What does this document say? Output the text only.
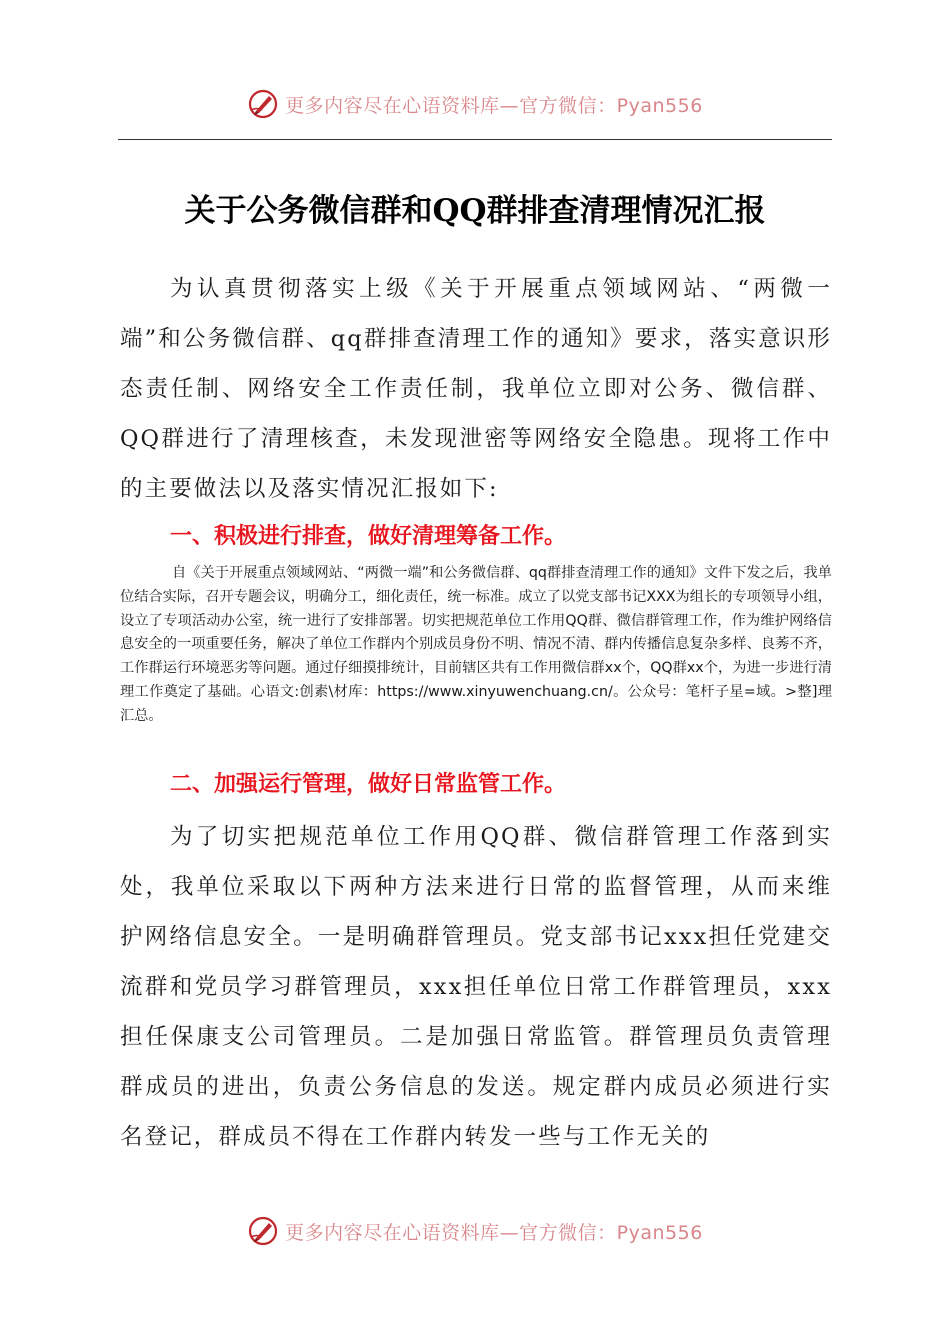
更多内容尽在心语资料库—官方微信：Pyan556
关于公务微信群和QQ群排查清理情况汇报

为认真贯彻落实上级《关于开展重点领域网站、“两微一端”和公务微信群、qq群排查清理工作的通知》要求，落实意识形态责任制、网络安全工作责任制，我单位立即对公务、微信群、QQ群进行了清理核查，未发现泄密等网络安全隐患。现将工作中的主要做法以及落实情况汇报如下:

一、积极进行排查，做好清理筹备工作。

自《关于开展重点领域网站、“两微一端”和公务微信群、qq群排查清理工作的通知》文件下发之后，我单位结合实际，召开专题会议，明确分工，细化责任，统一标准。成立了以党支部书记XXX为组长的专项领导小组，设立了专项活动办公室，统一进行了安排部署。切实把规范单位工作用QQ群、微信群管理工作，作为维护网络信息安全的一项重要任务，解决了单位工作群内个别成员身份不明、情况不清、群内传播信息复杂多样、良莠不齐，工作群运行环境恶劣等问题。通过仔细摸排统计，目前辖区共有工作用微信群xx个，QQ群xx个，为进一步进行清理工作奠定了基础。心语文:创素\材库：https://www.xinyuwenchuang.cn/。公众号：笔杆子星=域。>整]理汇总。

二、加强运行管理，做好日常监管工作。

为了切实把规范单位工作用QQ群、微信群管理工作落到实处，我单位采取以下两种方法来进行日常的监督管理，从而来维护网络信息安全。一是明确群管理员。党支部书记xxx担任党建交流群和党员学习群管理员，xxx担任单位日常工作群管理员，xxx担任保康支公司管理员。二是加强日常监管。群管理员负责管理群成员的进出，负责公务信息的发送。规定群内成员必须进行实名登记，群成员不得在工作群内转发一些与工作无关的

更多内容尽在心语资料库—官方微信：Pyan556
